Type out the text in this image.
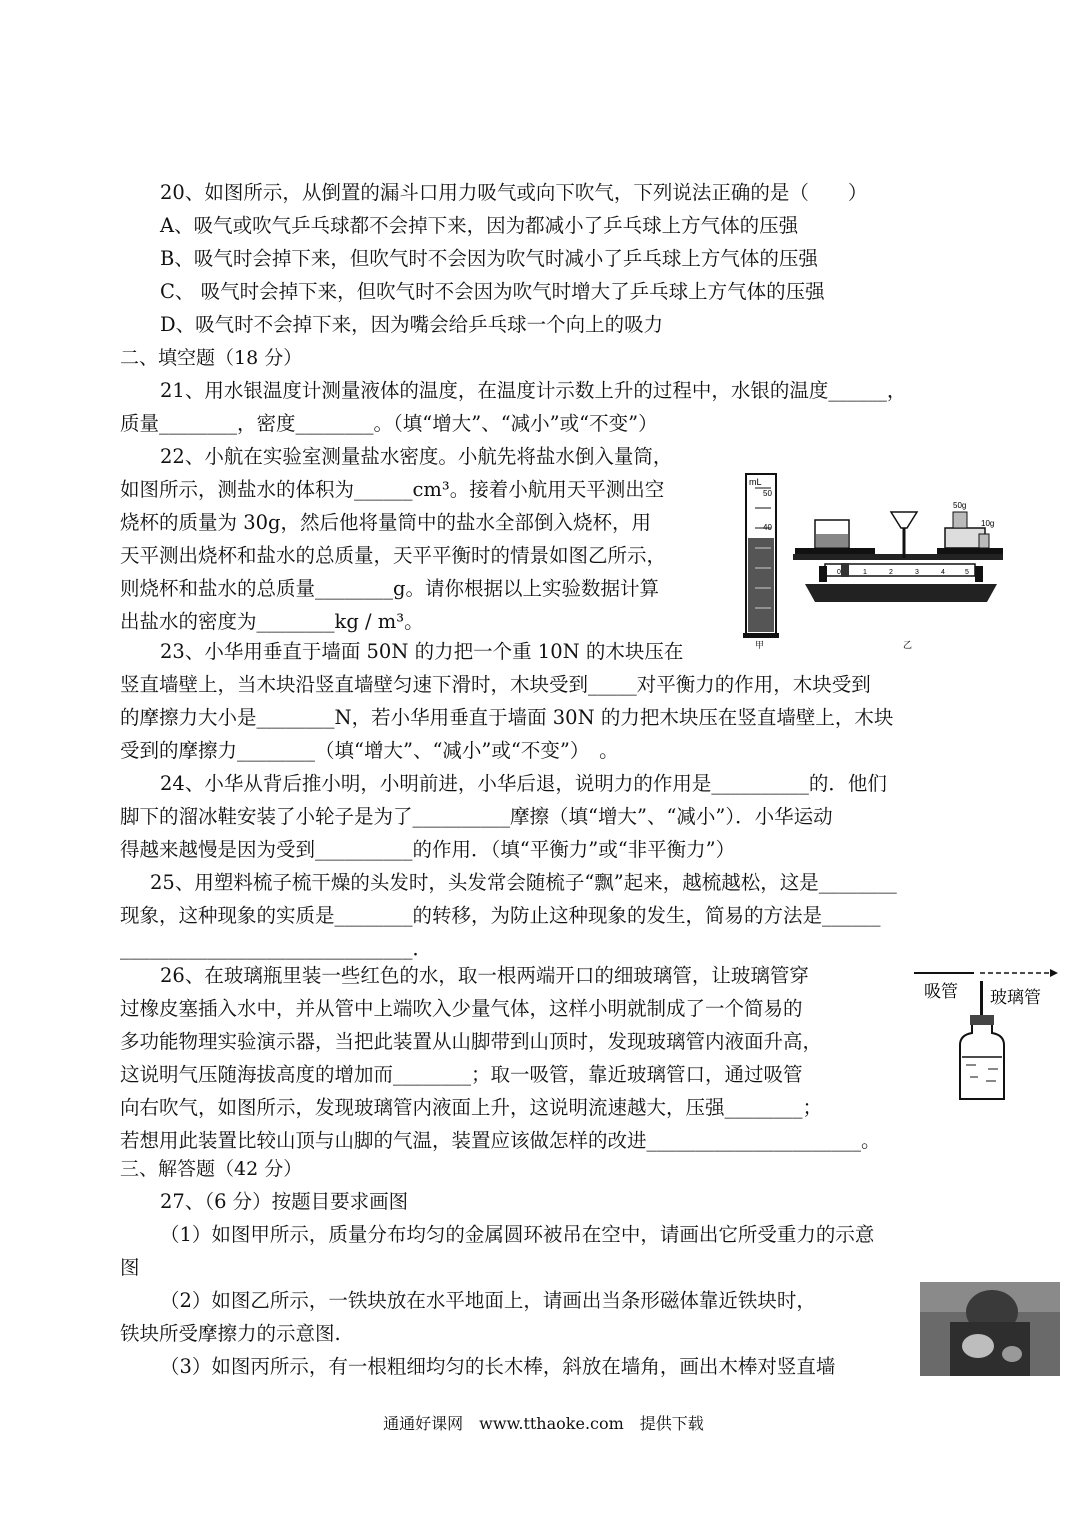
20、如图所示，从倒置的漏斗口用力吸气或向下吹气，下列说法正确的是（　　）
A、吸气或吹气乒乓球都不会掉下来，因为都减小了乒乓球上方气体的压强
B、吸气时会掉下来，但吹气时不会因为吹气时减小了乒乓球上方气体的压强
C、 吸气时会掉下来，但吹气时不会因为吹气时增大了乒乓球上方气体的压强
D、吸气时不会掉下来，因为嘴会给乒乓球一个向上的吸力
二、填空题（18 分）
21、用水银温度计测量液体的温度，在温度计示数上升的过程中，水银的温度______，
质量________，密度________。（填“增大”、“减小”或“不变”）
22、小航在实验室测量盐水密度。小航先将盐水倒入量筒，
如图所示，测盐水的体积为______cm³。接着小航用天平测出空
烧杯的质量为 30g，然后他将量筒中的盐水全部倒入烧杯，用
天平测出烧杯和盐水的总质量，天平平衡时的情景如图乙所示，
则烧杯和盐水的总质量________g。请你根据以上实验数据计算
出盐水的密度为________kg / m³。
mL
50
40
甲
50g
10g
0	1	2	3	4	5
乙
23、小华用垂直于墙面 50N 的力把一个重 10N 的木块压在
竖直墙壁上，当木块沿竖直墙壁匀速下滑时，木块受到_____对平衡力的作用，木块受到
的摩擦力大小是________N，若小华用垂直于墙面 30N 的力把木块压在竖直墙壁上，木块
受到的摩擦力________（填“增大”、“减小”或“不变”）　。
24、小华从背后推小明，小明前进，小华后退，说明力的作用是__________的．他们
脚下的溜冰鞋安装了小轮子是为了__________摩擦（填“增大”、“减小”）．小华运动
得越来越慢是因为受到__________的作用．（填“平衡力”或“非平衡力”）
25、用塑料梳子梳干燥的头发时，头发常会随梳子“飘”起来，越梳越松，这是________
现象，这种现象的实质是________的转移，为防止这种现象的发生，简易的方法是______
______________________________．
26、在玻璃瓶里装一些红色的水，取一根两端开口的细玻璃管，让玻璃管穿
过橡皮塞插入水中，并从管中上端吹入少量气体，这样小明就制成了一个简易的
多功能物理实验演示器，当把此装置从山脚带到山顶时，发现玻璃管内液面升高，
这说明气压随海拔高度的增加而________；取一吸管，靠近玻璃管口，通过吸管
向右吹气，如图所示，发现玻璃管内液面上升，这说明流速越大，压强________；
若想用此装置比较山顶与山脚的气温，装置应该做怎样的改进______________________。
吸管 玻璃管
三、解答题（42 分）
27、（6 分）按题目要求画图
（1）如图甲所示，质量分布均匀的金属圆环被吊在空中，请画出它所受重力的示意
图
（2）如图乙所示，一铁块放在水平地面上，请画出当条形磁体靠近铁块时，
铁块所受摩擦力的示意图.
（3）如图丙所示，有一根粗细均匀的长木棒，斜放在墙角，画出木棒对竖直墙
通通好课网　www.tthaoke.com　提供下载
